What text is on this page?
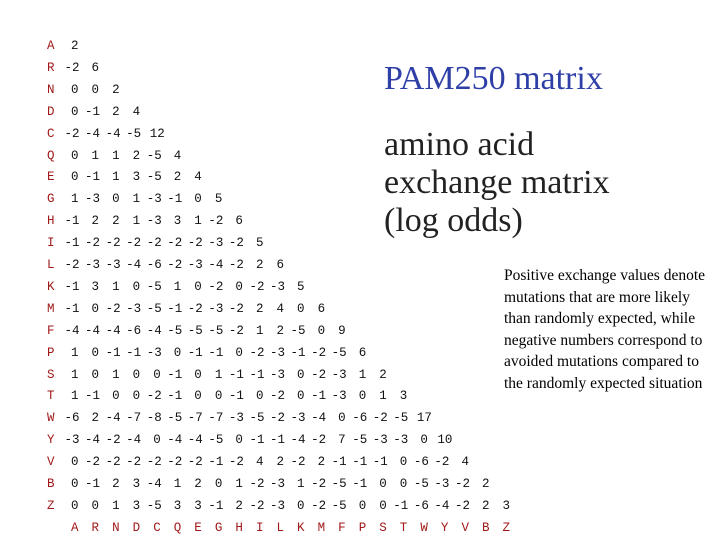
A 2
R -2 6
N 0 0 2
D 0 -1 2 4
C -2 -4 -4 -5 12
Q 0 1 1 2 -5 4
E 0 -1 1 3 -5 2 4
G 1 -3 0 1 -3 -1 0 5
H -1 2 2 1 -3 3 1 -2 6
I -1 -2 -2 -2 -2 -2 -2 -3 -2 5
L -2 -3 -3 -4 -6 -2 -3 -4 -2 2 6
K -1 3 1 0 -5 1 0 -2 0 -2 -3 5
M -1 0 -2 -3 -5 -1 -2 -3 -2 2 4 0 6
F -4 -4 -4 -6 -4 -5 -5 -5 -2 1 2 -5 0 9
P 1 0 -1 -1 -3 0 -1 -1 0 -2 -3 -1 -2 -5 6
S 1 0 1 0 0 -1 0 1 -1 -1 -3 0 -2 -3 1 2
T 1 -1 0 0 -2 -1 0 0 -1 0 -2 0 -1 -3 0 1 3
W -6 2 -4 -7 -8 -5 -7 -7 -3 -5 -2 -3 -4 0 -6 -2 -5 17
Y -3 -4 -2 -4 0 -4 -4 -5 0 -1 -1 -4 -2 7 -5 -3 -3 0 10
V 0 -2 -2 -2 -2 -2 -2 -1 -2 4 2 -2 2 -1 -1 -1 0 -6 -2 4
B 0 -1 2 3 -4 1 2 0 1 -2 -3 1 -2 -5 -1 0 0 -5 -3 -2 2
Z 0 0 1 3 -5 3 3 -1 2 -2 -3 0 -2 -5 0 0 -1 -6 -4 -2 2 3
A R N D C Q E G H I L K M F P S T W Y V B Z
PAM250 matrix
amino acid
exchange matrix
(log odds)
Positive exchange values denote mutations that are more likely than randomly expected, while negative numbers correspond to avoided mutations compared to the randomly expected situation
